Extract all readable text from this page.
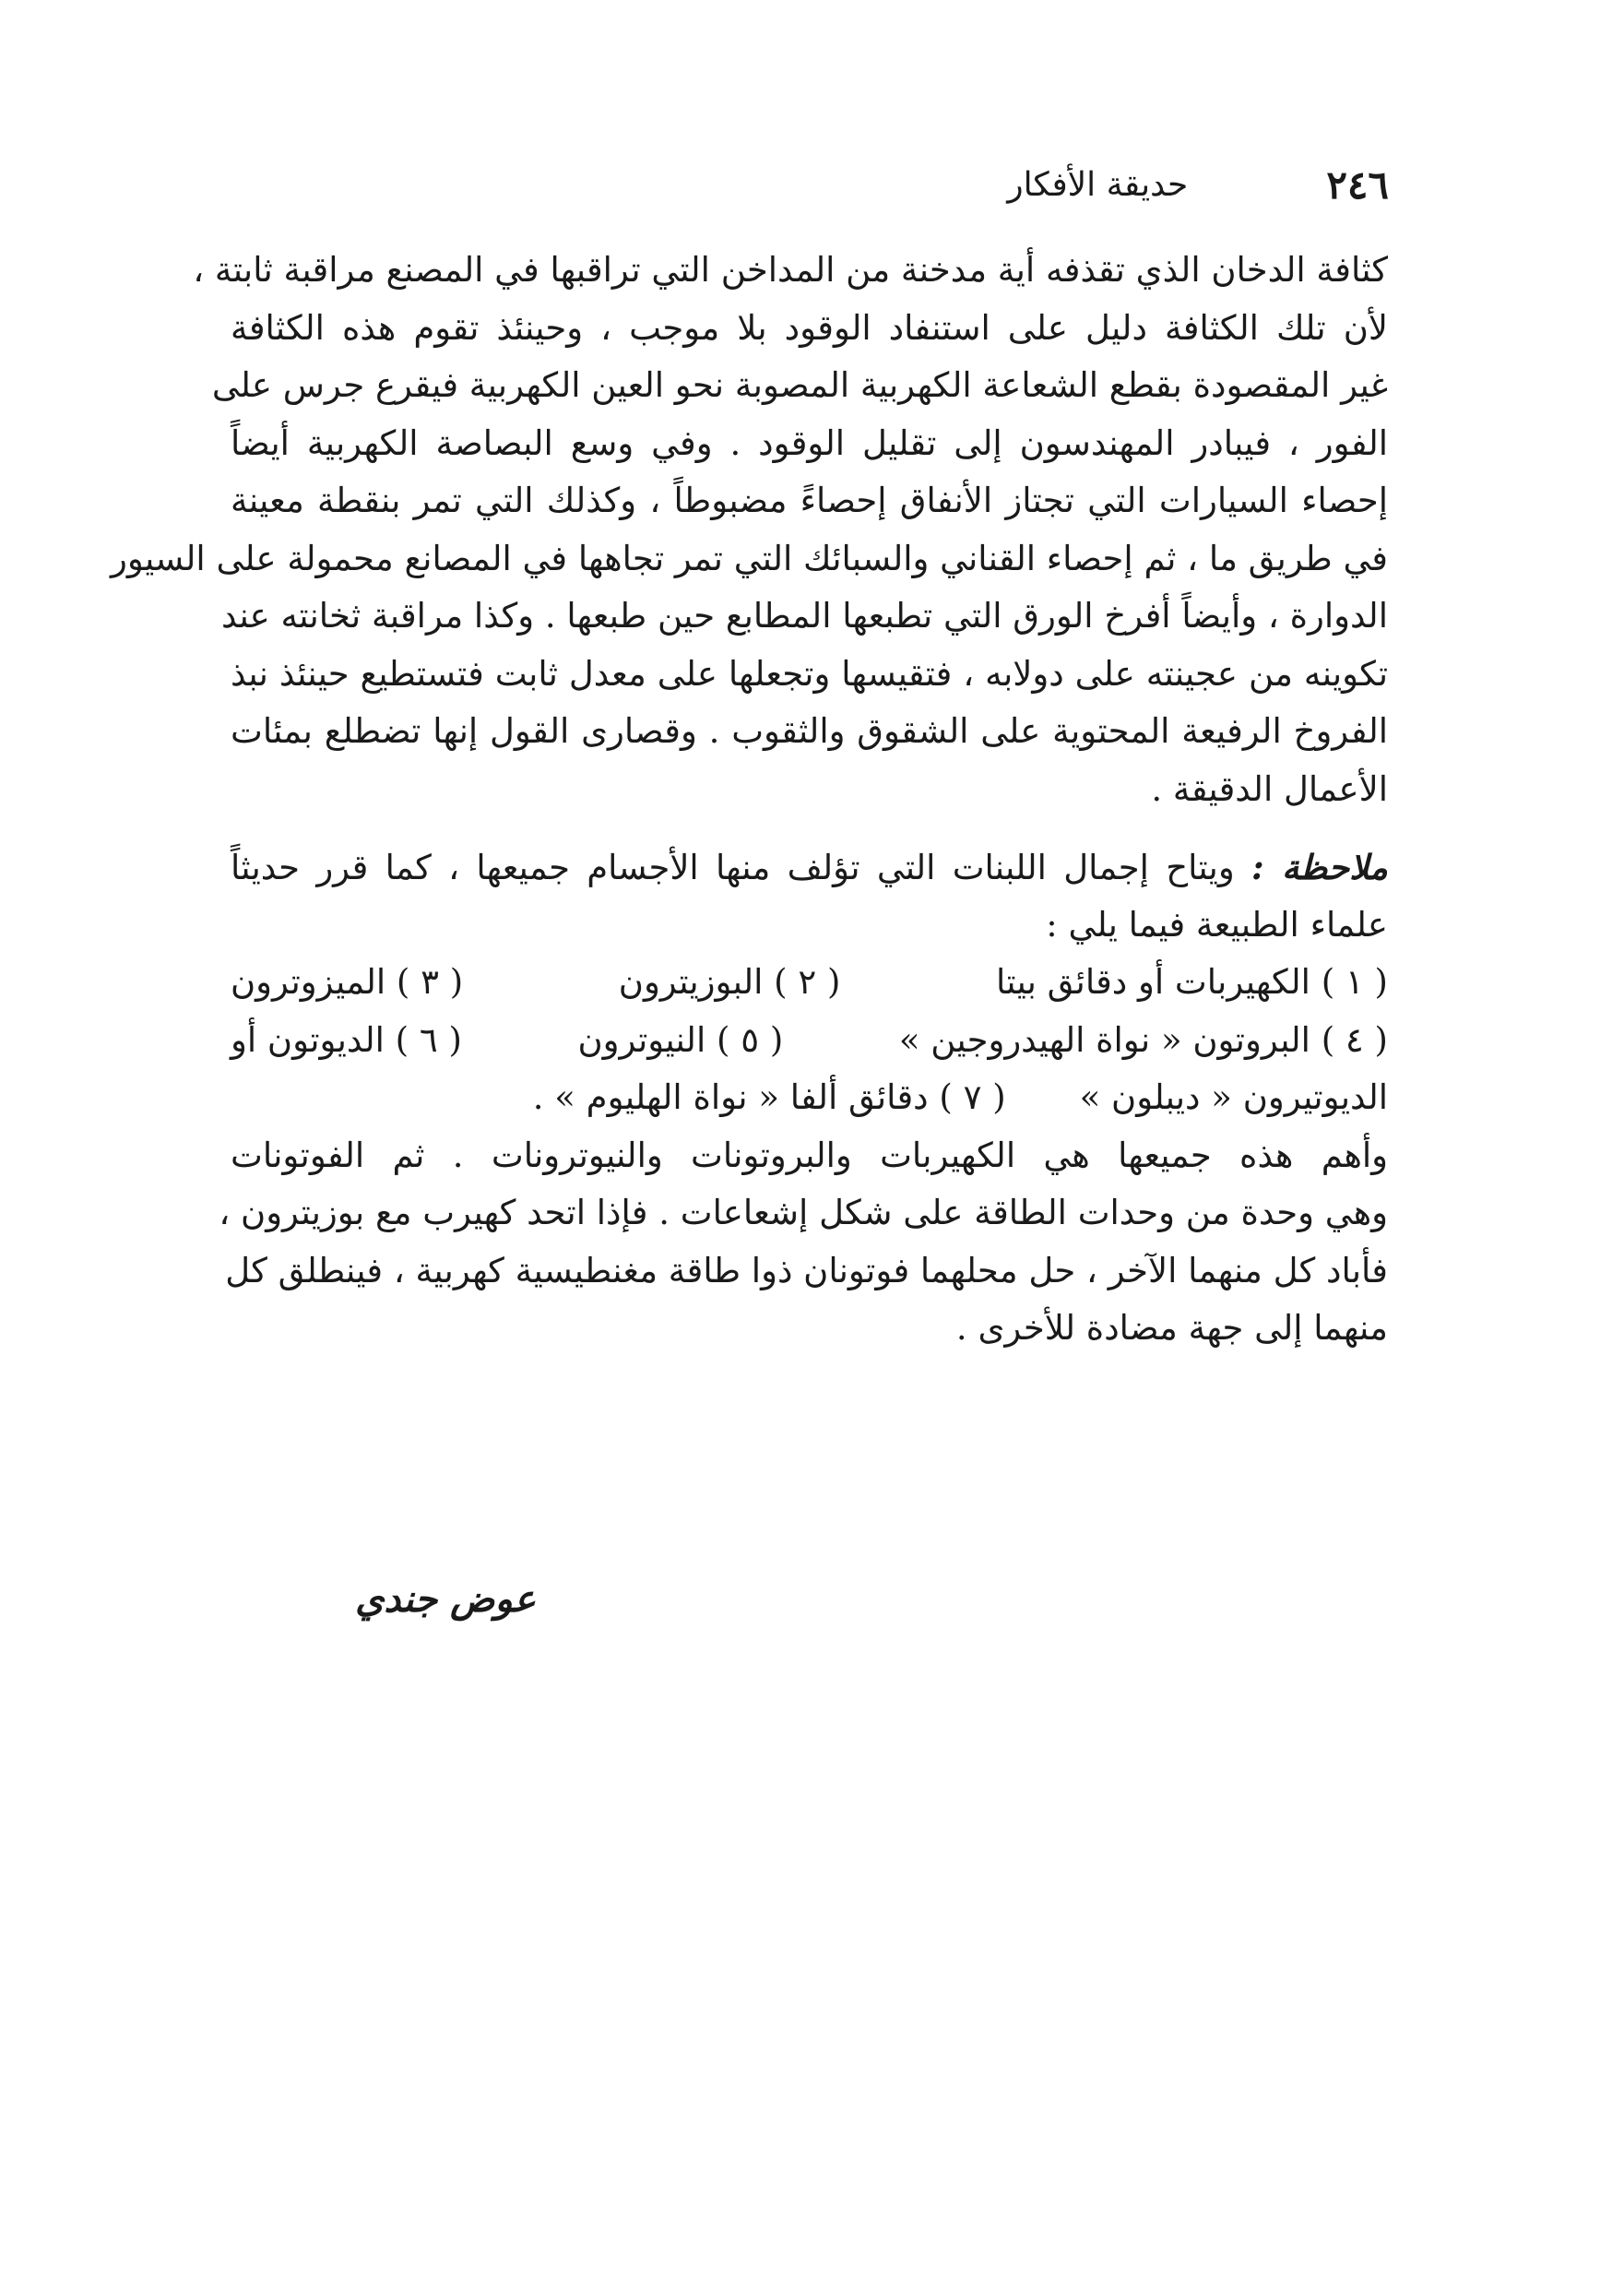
٢٤٦
حديقة الأفكار
كثافة الدخان الذي تقذفه أية مدخنة من المداخن التي تراقبها في المصنع مراقبة ثابتة ،
لأن تلك الكثافة دليل على استنفاد الوقود بلا موجب ، وحينئذ تقوم هذه الكثافة
غير المقصودة بقطع الشعاعة الكهربية المصوبة نحو العين الكهربية فيقرع جرس على
الفور ، فيبادر المهندسون إلى تقليل الوقود . وفي وسع البصاصة الكهربية أيضاً
إحصاء السيارات التي تجتاز الأنفاق إحصاءً مضبوطاً ، وكذلك التي تمر بنقطة معينة
في طريق ما ، ثم إحصاء القناني والسبائك التي تمر تجاهها في المصانع محمولة على السيور
الدوارة ، وأيضاً أفرخ الورق التي تطبعها المطابع حين طبعها . وكذا مراقبة ثخانته عند
تكوينه من عجينته على دولابه ، فتقيسها وتجعلها على معدل ثابت فتستطيع حينئذ نبذ
الفروخ الرفيعة المحتوية على الشقوق والثقوب . وقصارى القول إنها تضطلع بمئات
الأعمال الدقيقة .
ملاحظة : ويتاح إجمال اللبنات التي تؤلف منها الأجسام جميعها ، كما قرر حديثاً
علماء الطبيعة فيما يلي :
( ١ ) الكهيربات أو دقائق بيتا
( ٢ ) البوزيترون
( ٣ ) الميزوترون
( ٤ ) البروتون « نواة الهيدروجين »
( ٥ ) النيوترون
( ٦ ) الديوتون أو
الديوتيرون « ديبلون »
( ٧ ) دقائق ألفا « نواة الهليوم » .
وأهم هذه جميعها هي الكهيربات والبروتونات والنيوترونات . ثم الفوتونات
وهي وحدة من وحدات الطاقة على شكل إشعاعات . فإذا اتحد كهيرب مع بوزيترون ،
فأباد كل منهما الآخر ، حل محلهما فوتونان ذوا طاقة مغنطيسية كهربية ، فينطلق كل
منهما إلى جهة مضادة للأخرى .
عوض جندي
